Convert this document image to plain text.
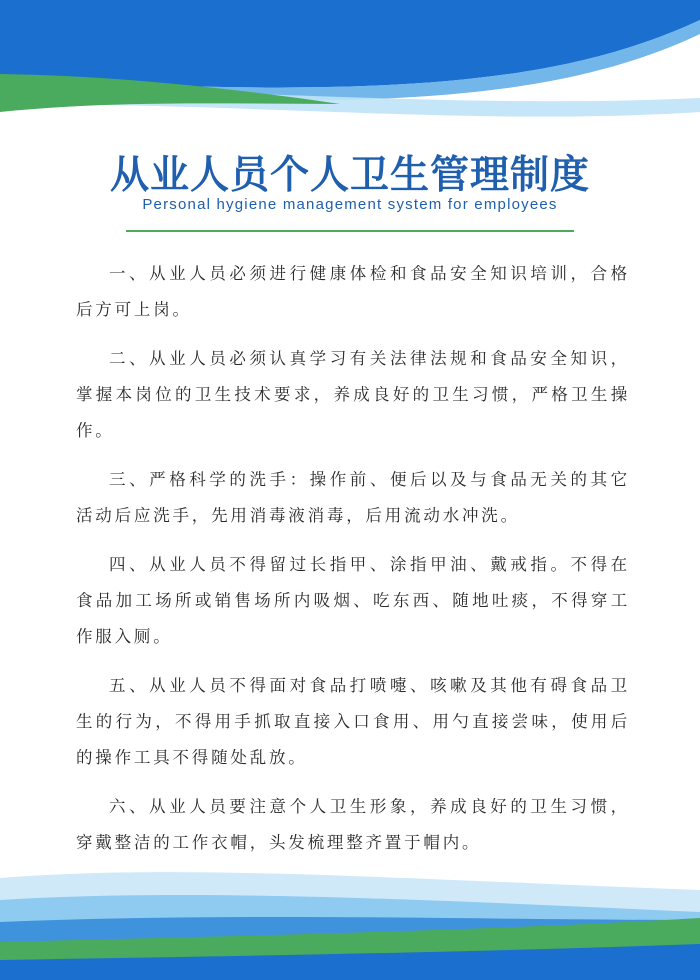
从业人员个人卫生管理制度
Personal hygiene management system for employees

一、从业人员必须进行健康体检和食品安全知识培训，合格后方可上岗。

二、从业人员必须认真学习有关法律法规和食品安全知识，掌握本岗位的卫生技术要求，养成良好的卫生习惯，严格卫生操作。

三、严格科学的洗手：操作前、便后以及与食品无关的其它活动后应洗手，先用消毒液消毒，后用流动水冲洗。

四、从业人员不得留过长指甲、涂指甲油、戴戒指。不得在食品加工场所或销售场所内吸烟、吃东西、随地吐痰，不得穿工作服入厕。

五、从业人员不得面对食品打喷嚏、咳嗽及其他有碍食品卫生的行为，不得用手抓取直接入口食用、用勺直接尝味，使用后的操作工具不得随处乱放。

六、从业人员要注意个人卫生形象，养成良好的卫生习惯，穿戴整洁的工作衣帽，头发梳理整齐置于帽内。
